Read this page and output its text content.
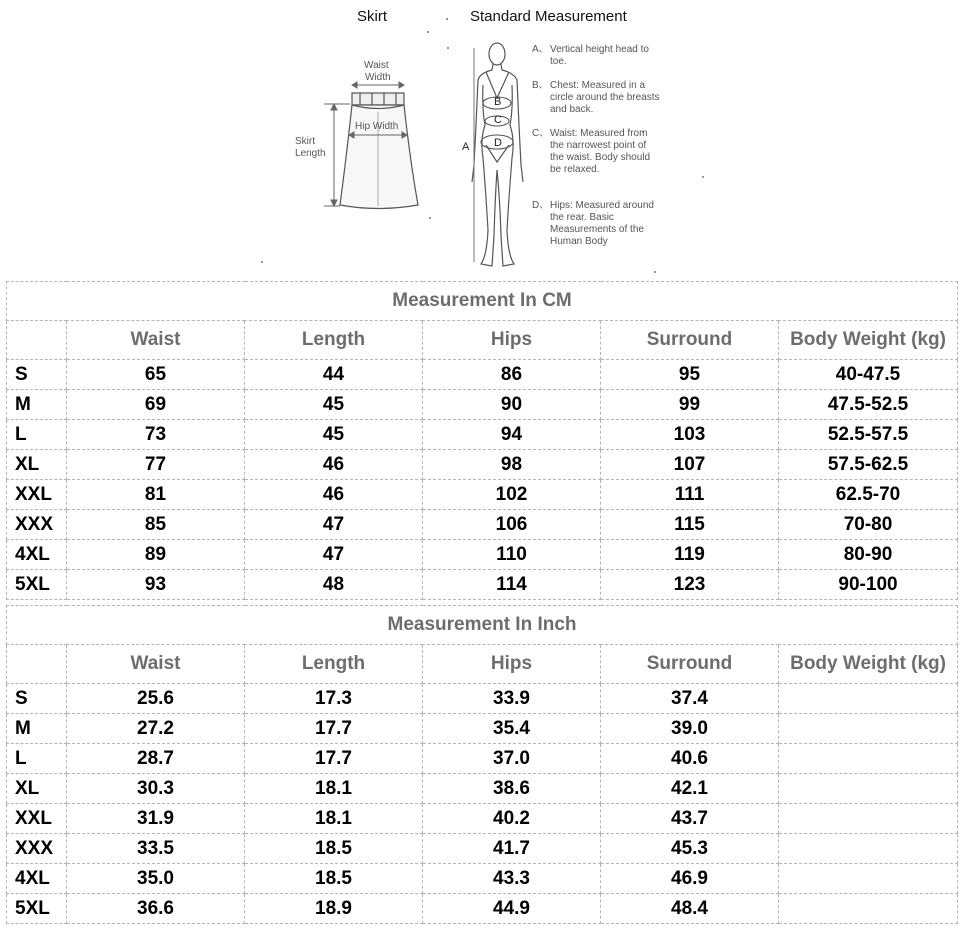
Skirt	Standard Measurement
Waist
Width
Hip Width
Skirt
Length
A
B
C
D
A、 Vertical height head to toe.
B、 Chest: Measured in a circle around the breasts and back.
C、 Waist: Measured from the narrowest point of the waist. Body should be relaxed.
D、 Hips: Measured around the rear. Basic Measurements of the Human Body
Measurement In CM					
	Waist	Length	Hips	Surround	Body Weight (kg)
S	65	44	86	95	40-47.5
M	69	45	90	99	47.5-52.5
L	73	45	94	103	52.5-57.5
XL	77	46	98	107	57.5-62.5
XXL	81	46	102	111	62.5-70
XXX	85	47	106	115	70-80
4XL	89	47	110	119	80-90
5XL	93	48	114	123	90-100
Measurement In Inch					
	Waist	Length	Hips	Surround	Body Weight (kg)
S	25.6	17.3	33.9	37.4	
M	27.2	17.7	35.4	39.0	
L	28.7	17.7	37.0	40.6	
XL	30.3	18.1	38.6	42.1	
XXL	31.9	18.1	40.2	43.7	
XXX	33.5	18.5	41.7	45.3	
4XL	35.0	18.5	43.3	46.9	
5XL	36.6	18.9	44.9	48.4	
